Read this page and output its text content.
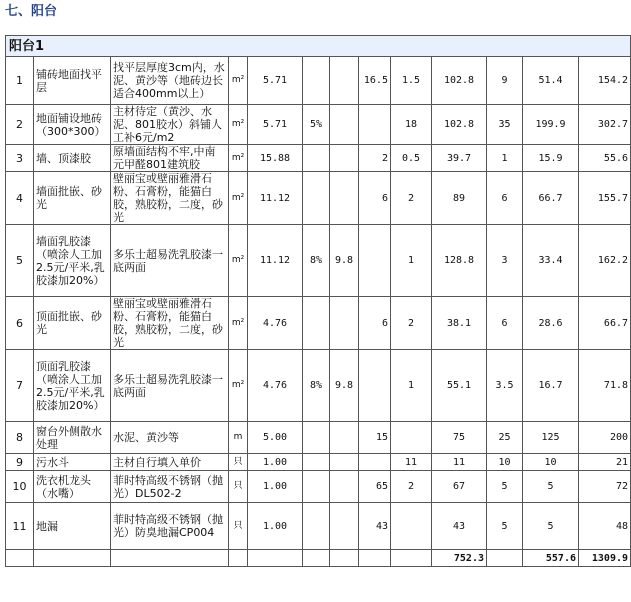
七、阳台
阳台1												
1	铺砖地面找平层	找平层厚度3cm内，水泥、黄沙等（地砖边长适合400mm以上）	m²	5.71			16.5	1.5	102.8	9	51.4	154.2
2	地面铺设地砖（300*300）	主材待定（黄沙、水泥、801胶水）斜铺人工补6元/m2	m²	5.71	5%			18	102.8	35	199.9	302.7
3	墙、顶漆胶	原墙面结构不牢,中南元甲醛801建筑胶	m²	15.88			2	0.5	39.7	1	15.9	55.6
4	墙面批嵌、砂光	壁丽宝或壁丽雅滑石粉、石膏粉，能猫白胶，熟胶粉，二度，砂光	m²	11.12			6	2	89	6	66.7	155.7
5	墙面乳胶漆（喷涂人工加2.5元/平米,乳胶漆加20%）	多乐士超易洗乳胶漆一底两面	m²	11.12	8%	9.8		1	128.8	3	33.4	162.2
6	顶面批嵌、砂光	壁丽宝或壁丽雅滑石粉、石膏粉，能猫白胶，熟胶粉，二度，砂光	m²	4.76			6	2	38.1	6	28.6	66.7
7	顶面乳胶漆（喷涂人工加2.5元/平米,乳胶漆加20%）	多乐士超易洗乳胶漆一底两面	m²	4.76	8%	9.8		1	55.1	3.5	16.7	71.8
8	窗台外侧散水处理	水泥、黄沙等	m	5.00			15		75	25	125	200
9	污水斗	主材自行填入单价	只	1.00				11	11	10	10	21
10	洗衣机龙头（水嘴）	菲时特高级不锈钢（抛光）DL502-2	只	1.00			65	2	67	5	5	72
11	地漏	菲时特高级不锈钢（抛光）防臭地漏CP004	只	1.00			43		43	5	5	48
									752.3		557.6	1309.9
